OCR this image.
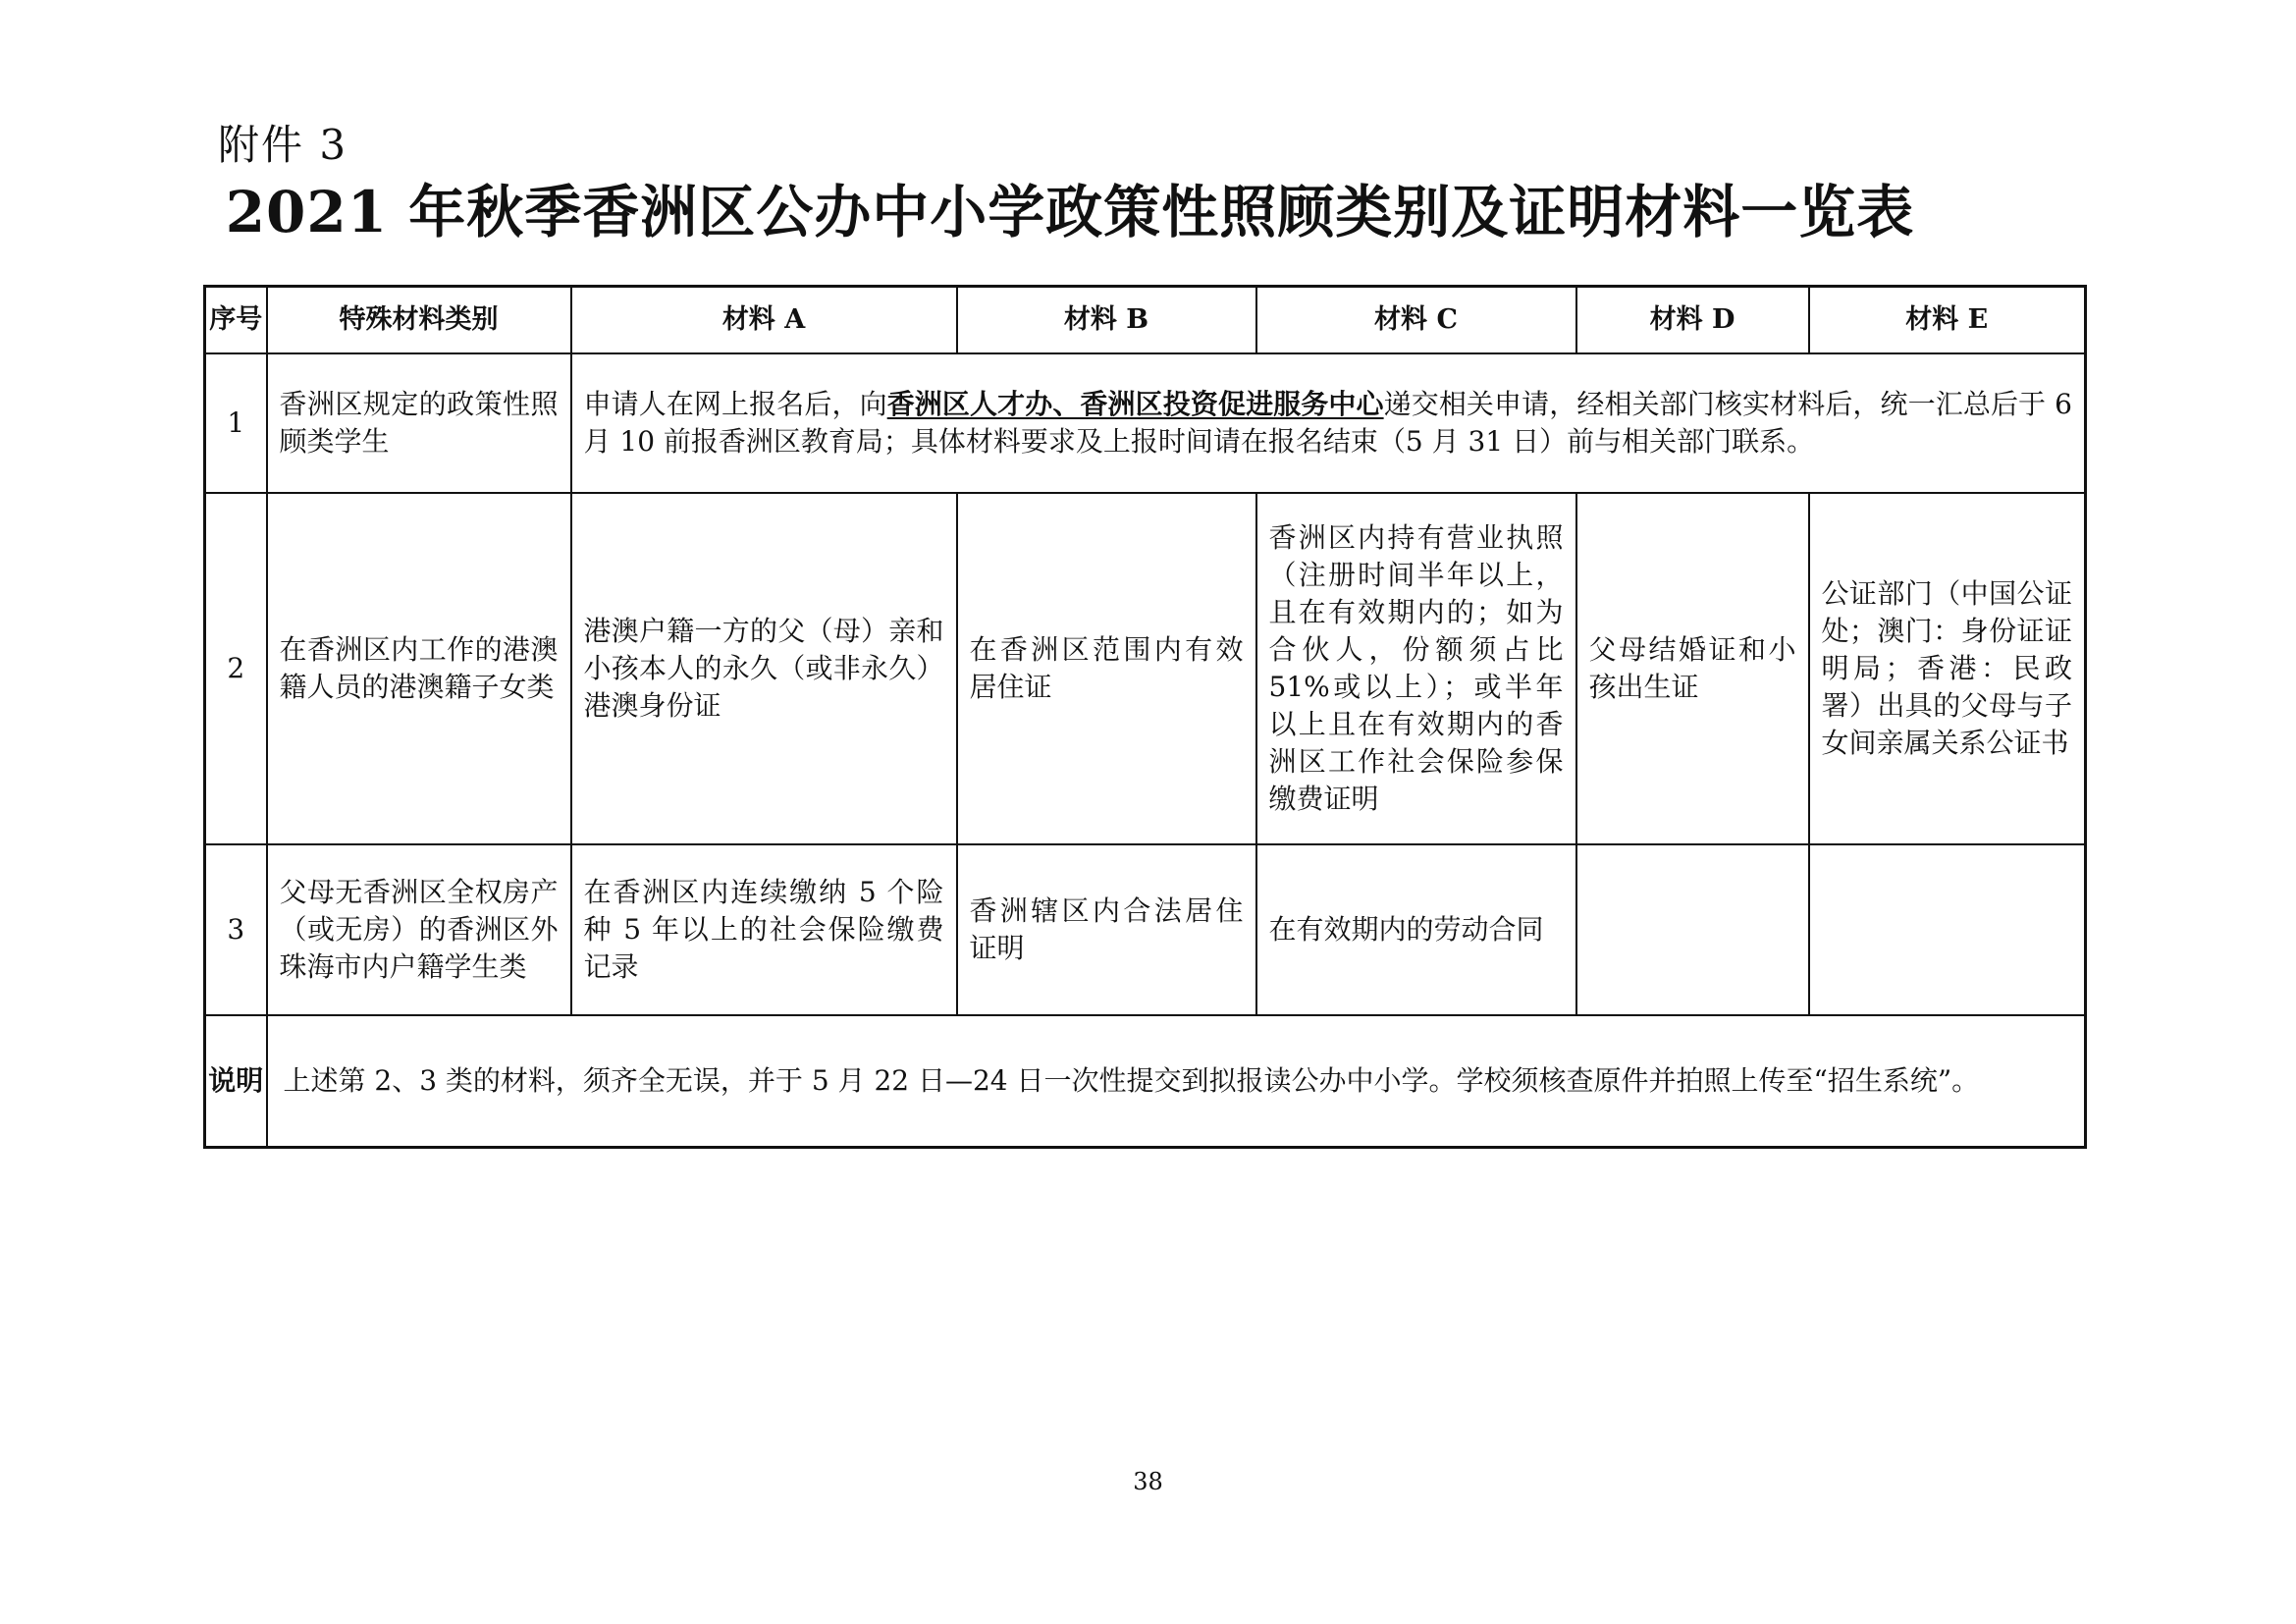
附件 3
2021 年秋季香洲区公办中小学政策性照顾类别及证明材料一览表
序号	特殊材料类别	材料 A	材料 B	材料 C	材料 D	材料 E
1	香洲区规定的政策性照顾类学生	申请人在网上报名后，向香洲区人才办、香洲区投资促进服务中心递交相关申请，经相关部门核实材料后，统一汇总后于 6 月 10 前报香洲区教育局；具体材料要求及上报时间请在报名结束（5 月 31 日）前与相关部门联系。				
2	在香洲区内工作的港澳籍人员的港澳籍子女类	港澳户籍一方的父（母）亲和小孩本人的永久（或非永久）港澳身份证	在香洲区范围内有效居住证	香洲区内持有营业执照（注册时间半年以上，且在有效期内的；如为合伙人，份额须占比 51%或以上）；或半年以上且在有效期内的香洲区工作社会保险参保缴费证明	父母结婚证和小孩出生证	公证部门（中国公证处；澳门：身份证证明局；香港：民政署）出具的父母与子女间亲属关系公证书
3	父母无香洲区全权房产（或无房）的香洲区外珠海市内户籍学生类	在香洲区内连续缴纳 5 个险种 5 年以上的社会保险缴费记录	香洲辖区内合法居住证明	在有效期内的劳动合同		
说明	上述第 2、3 类的材料，须齐全无误，并于 5 月 22 日—24 日一次性提交到拟报读公办中小学。学校须核查原件并拍照上传至“招生系统”。					
38
